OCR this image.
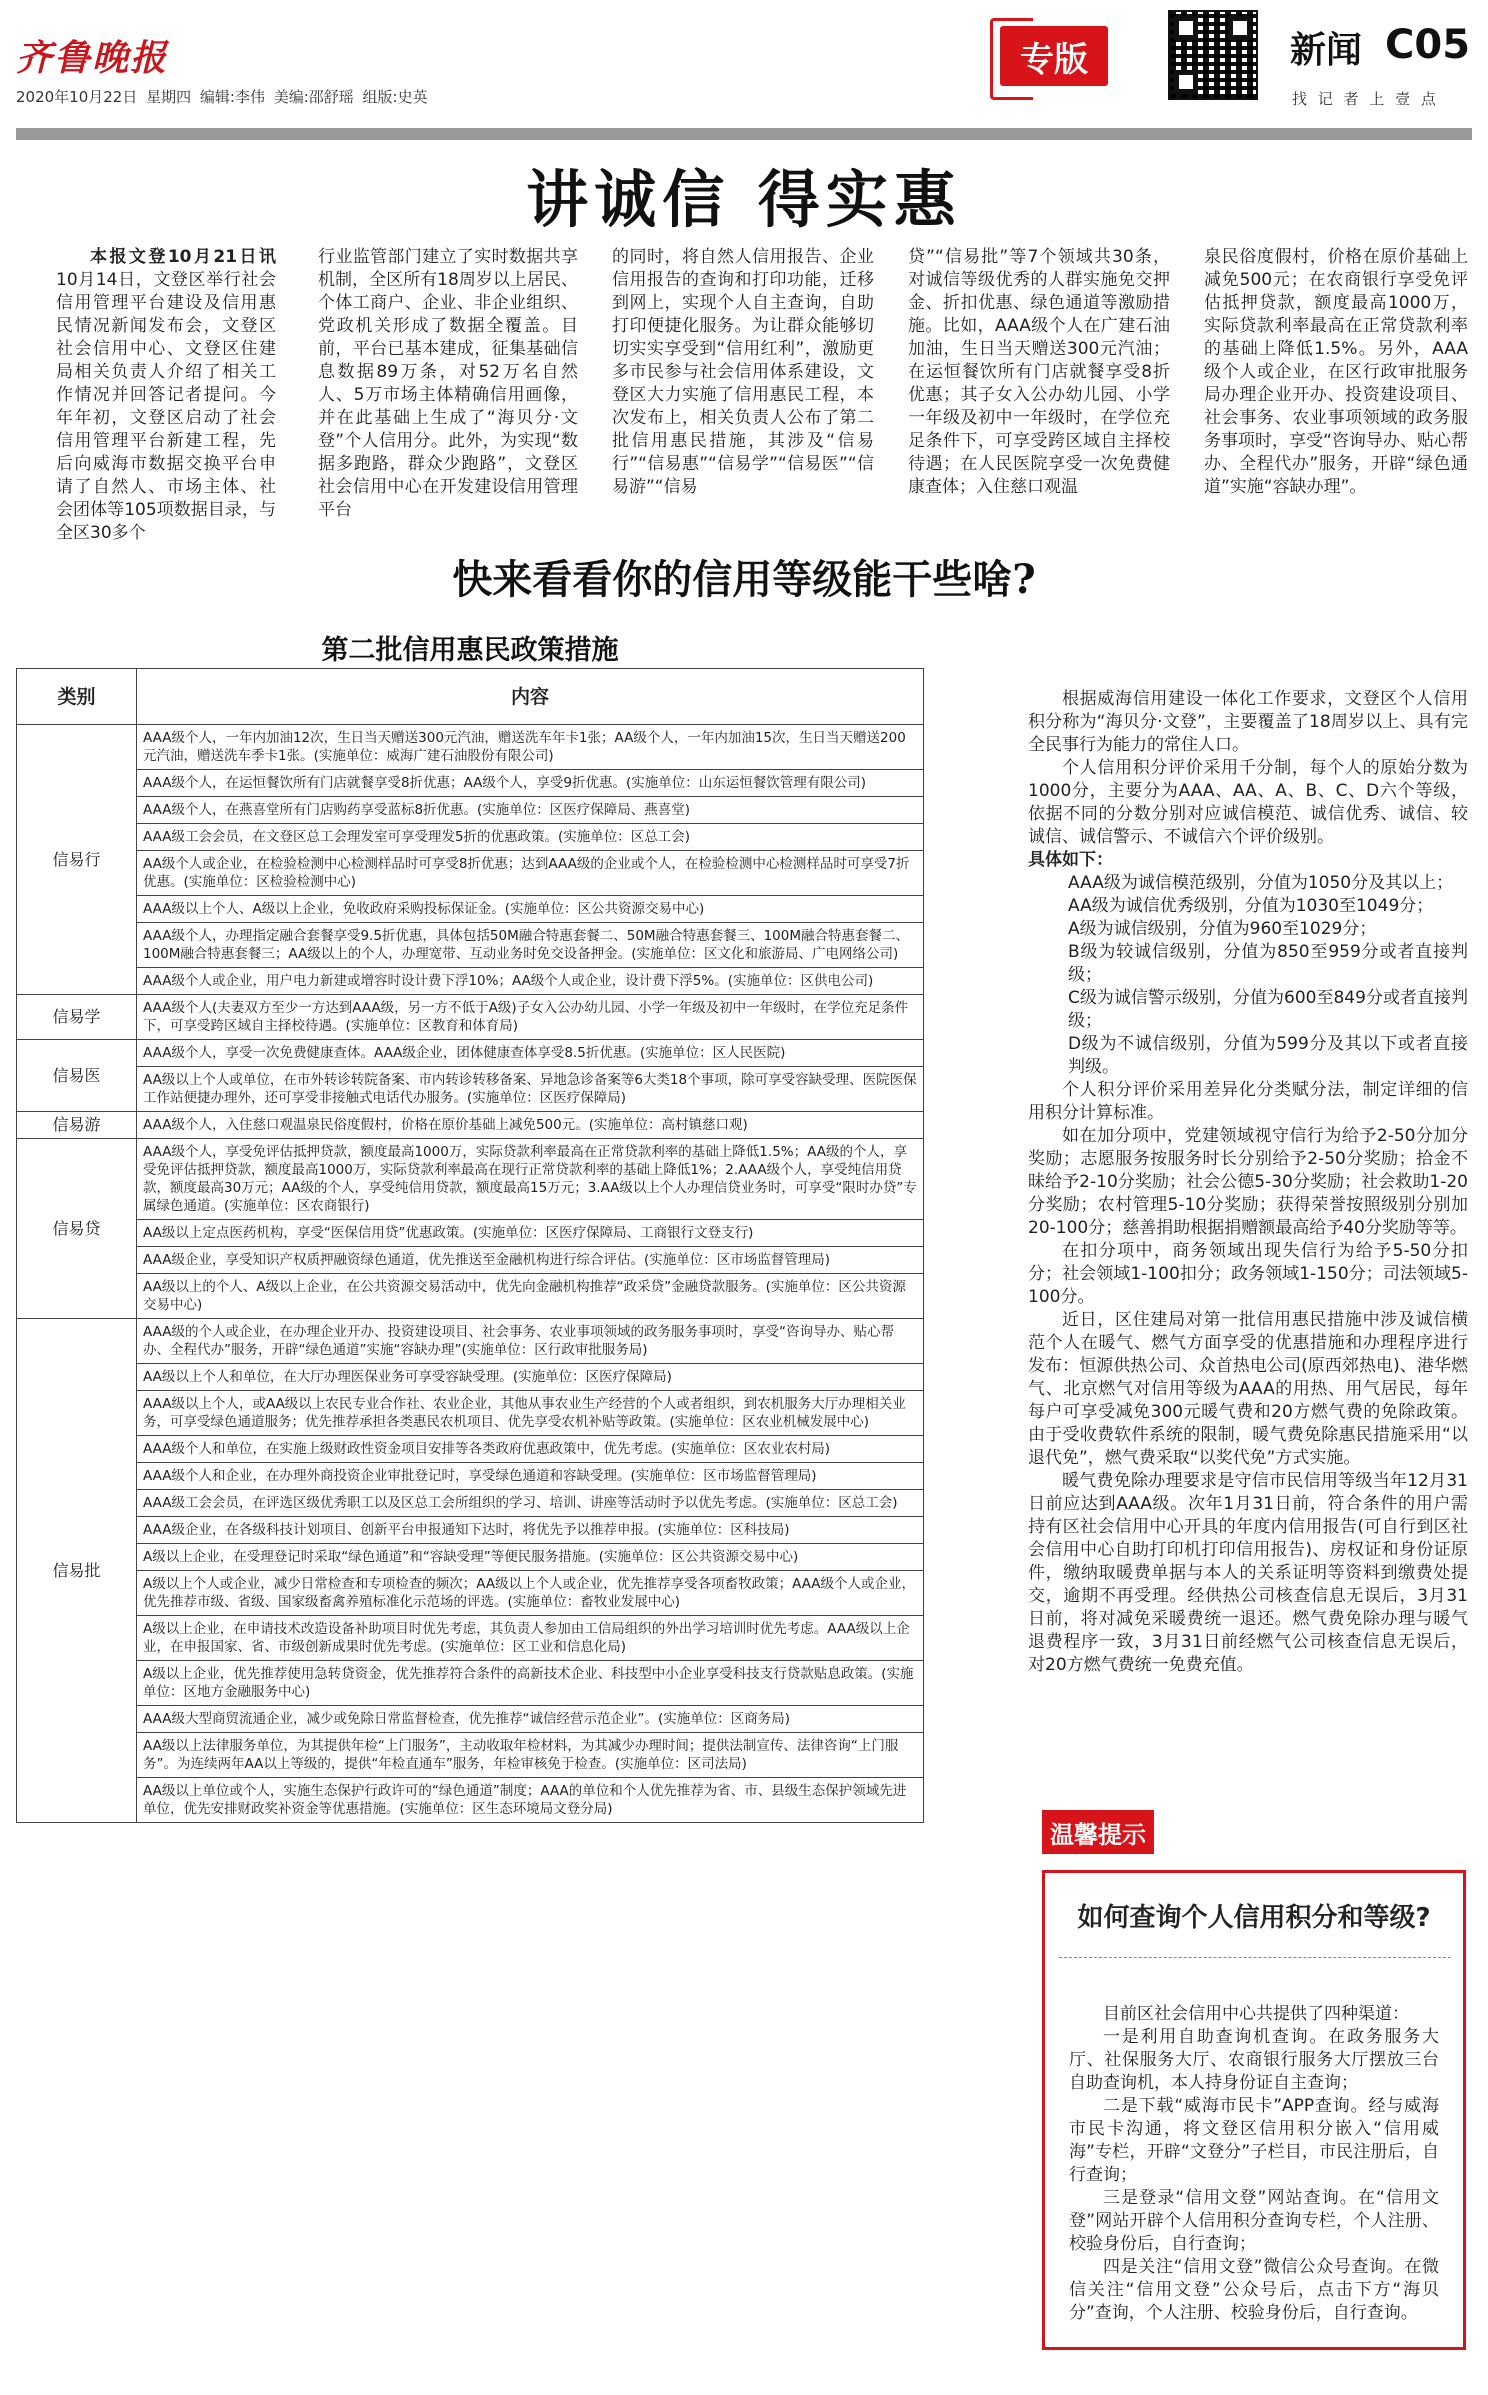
齐鲁晚报
2020年10月22日 星期四 编辑:李伟 美编:邵舒瑶 组版:史英
专版	新闻 C05
找 记 者 上 壹 点
讲诚信 得实惠

本报文登10月21日讯 10月14日，文登区举行社会信用管理平台建设及信用惠民情况新闻发布会，文登区社会信用中心、文登区住建局相关负责人介绍了相关工作情况并回答记者提问。今年年初，文登区启动了社会信用管理平台新建工程，先后向威海市数据交换平台申请了自然人、市场主体、社会团体等105项数据目录，与全区30多个

行业监管部门建立了实时数据共享机制，全区所有18周岁以上居民、个体工商户、企业、非企业组织、党政机关形成了数据全覆盖。目前，平台已基本建成，征集基础信息数据89万条，对52万名自然人、5万市场主体精确信用画像，并在此基础上生成了“海贝分·文登”个人信用分。此外，为实现“数据多跑路，群众少跑路”，文登区社会信用中心在开发建设信用管理平台

的同时，将自然人信用报告、企业信用报告的查询和打印功能，迁移到网上，实现个人自主查询，自助打印便捷化服务。为让群众能够切切实实享受到“信用红利”，激励更多市民参与社会信用体系建设，文登区大力实施了信用惠民工程，本次发布上，相关负责人公布了第二批信用惠民措施，其涉及“信易行”“信易惠”“信易学”“信易医”“信易游”“信易

贷”“信易批”等7个领域共30条，对诚信等级优秀的人群实施免交押金、折扣优惠、绿色通道等激励措施。比如，AAA级个人在广建石油加油，生日当天赠送300元汽油；在运恒餐饮所有门店就餐享受8折优惠；其子女入公办幼儿园、小学一年级及初中一年级时，在学位充足条件下，可享受跨区域自主择校待遇；在人民医院享受一次免费健康查体；入住慈口观温

泉民俗度假村，价格在原价基础上减免500元；在农商银行享受免评估抵押贷款，额度最高1000万，实际贷款利率最高在正常贷款利率的基础上降低1.5%。另外，AAA级个人或企业，在区行政审批服务局办理企业开办、投资建设项目、社会事务、农业事项领域的政务服务事项时，享受“咨询导办、贴心帮办、全程代办”服务，开辟“绿色通道”实施“容缺办理”。

快来看看你的信用等级能干些啥?
第二批信用惠民政策措施
类别	内容
信易行	AAA级个人，一年内加油12次，生日当天赠送300元汽油，赠送洗车年卡1张；AA级个人，一年内加油15次，生日当天赠送200元汽油，赠送洗车季卡1张。(实施单位：威海广建石油股份有限公司)
	AAA级个人，在运恒餐饮所有门店就餐享受8折优惠；AA级个人，享受9折优惠。(实施单位：山东运恒餐饮管理有限公司)
	AAA级个人，在燕喜堂所有门店购药享受蓝标8折优惠。(实施单位：区医疗保障局、燕喜堂)
	AAA级工会会员，在文登区总工会理发室可享受理发5折的优惠政策。(实施单位：区总工会)
	AA级个人或企业，在检验检测中心检测样品时可享受8折优惠；达到AAA级的企业或个人，在检验检测中心检测样品时可享受7折优惠。(实施单位：区检验检测中心)
	AAA级以上个人、A级以上企业，免收政府采购投标保证金。(实施单位：区公共资源交易中心)
	AAA级个人，办理指定融合套餐享受9.5折优惠，具体包括50M融合特惠套餐二、50M融合特惠套餐三、100M融合特惠套餐二、100M融合特惠套餐三；AA级以上的个人，办理宽带、互动业务时免交设备押金。(实施单位：区文化和旅游局、广电网络公司)
	AAA级个人或企业，用户电力新建或增容时设计费下浮10%；AA级个人或企业，设计费下浮5%。(实施单位：区供电公司)
信易学	AAA级个人(夫妻双方至少一方达到AAA级，另一方不低于A级)子女入公办幼儿园、小学一年级及初中一年级时，在学位充足条件下，可享受跨区域自主择校待遇。(实施单位：区教育和体育局)
信易医	AAA级个人，享受一次免费健康查体。AAA级企业，团体健康查体享受8.5折优惠。(实施单位：区人民医院)
	AA级以上个人或单位，在市外转诊转院备案、市内转诊转移备案、异地急诊备案等6大类18个事项，除可享受容缺受理、医院医保工作站便捷办理外，还可享受非接触式电话代办服务。(实施单位：区医疗保障局)
信易游	AAA级个人，入住慈口观温泉民俗度假村，价格在原价基础上减免500元。(实施单位：高村镇慈口观)
信易贷	AAA级个人，享受免评估抵押贷款，额度最高1000万，实际贷款利率最高在正常贷款利率的基础上降低1.5%；AA级的个人，享受免评估抵押贷款，额度最高1000万，实际贷款利率最高在现行正常贷款利率的基础上降低1%；2.AAA级个人，享受纯信用贷款，额度最高30万元；AA级的个人，享受纯信用贷款，额度最高15万元；3.AA级以上个人办理信贷业务时，可享受“限时办贷”专属绿色通道。(实施单位：区农商银行)
	AA级以上定点医药机构，享受“医保信用贷”优惠政策。(实施单位：区医疗保障局、工商银行文登支行)
	AAA级企业，享受知识产权质押融资绿色通道，优先推送至金融机构进行综合评估。(实施单位：区市场监督管理局)
	AA级以上的个人、A级以上企业，在公共资源交易活动中，优先向金融机构推荐“政采贷”金融贷款服务。(实施单位：区公共资源交易中心)
信易批	AAA级的个人或企业，在办理企业开办、投资建设项目、社会事务、农业事项领域的政务服务事项时，享受“咨询导办、贴心帮办、全程代办”服务，开辟“绿色通道”实施“容缺办理”(实施单位：区行政审批服务局)
	AA级以上个人和单位，在大厅办理医保业务可享受容缺受理。(实施单位：区医疗保障局)
	AAA级以上个人，或AA级以上农民专业合作社、农业企业，其他从事农业生产经营的个人或者组织，到农机服务大厅办理相关业务，可享受绿色通道服务；优先推荐承担各类惠民农机项目、优先享受农机补贴等政策。(实施单位：区农业机械发展中心)
	AAA级个人和单位，在实施上级财政性资金项目安排等各类政府优惠政策中，优先考虑。(实施单位：区农业农村局)
	AAA级个人和企业，在办理外商投资企业审批登记时，享受绿色通道和容缺受理。(实施单位：区市场监督管理局)
	AAA级工会会员，在评选区级优秀职工以及区总工会所组织的学习、培训、讲座等活动时予以优先考虑。(实施单位：区总工会)
	AAA级企业，在各级科技计划项目、创新平台申报通知下达时，将优先予以推荐申报。(实施单位：区科技局)
	A级以上企业，在受理登记时采取“绿色通道”和“容缺受理”等便民服务措施。(实施单位：区公共资源交易中心)
	A级以上个人或企业，减少日常检查和专项检查的频次；AA级以上个人或企业，优先推荐享受各项畜牧政策；AAA级个人或企业，优先推荐市级、省级、国家级畜禽养殖标准化示范场的评选。(实施单位：畜牧业发展中心)
	A级以上企业，在申请技术改造设备补助项目时优先考虑，其负责人参加由工信局组织的外出学习培训时优先考虑。AAA级以上企业，在申报国家、省、市级创新成果时优先考虑。(实施单位：区工业和信息化局)
	A级以上企业，优先推荐使用急转贷资金，优先推荐符合条件的高新技术企业、科技型中小企业享受科技支行贷款贴息政策。(实施单位：区地方金融服务中心)
	AAA级大型商贸流通企业，减少或免除日常监督检查，优先推荐“诚信经营示范企业”。(实施单位：区商务局)
	AA级以上法律服务单位，为其提供年检“上门服务”，主动收取年检材料，为其减少办理时间；提供法制宣传、法律咨询“上门服务”。为连续两年AA以上等级的，提供“年检直通车”服务，年检审核免于检查。(实施单位：区司法局)
	AA级以上单位或个人，实施生态保护行政许可的“绿色通道”制度；AAA的单位和个人优先推荐为省、市、县级生态保护领域先进单位，优先安排财政奖补资金等优惠措施。(实施单位：区生态环境局文登分局)

根据威海信用建设一体化工作要求，文登区个人信用积分称为“海贝分·文登”，主要覆盖了18周岁以上、具有完全民事行为能力的常住人口。

个人信用积分评价采用千分制，每个人的原始分数为1000分，主要分为AAA、AA、A、B、C、D六个等级，依据不同的分数分别对应诚信模范、诚信优秀、诚信、较诚信、诚信警示、不诚信六个评价级别。

具体如下：

AAA级为诚信模范级别，分值为1050分及其以上；

AA级为诚信优秀级别，分值为1030至1049分；

A级为诚信级别，分值为960至1029分；

B级为较诚信级别，分值为850至959分或者直接判级；

C级为诚信警示级别，分值为600至849分或者直接判级；

D级为不诚信级别，分值为599分及其以下或者直接判级。

个人积分评价采用差异化分类赋分法，制定详细的信用积分计算标准。

如在加分项中，党建领域视守信行为给予2-50分加分奖励；志愿服务按服务时长分别给予2-50分奖励；拾金不昧给予2-10分奖励；社会公德5-30分奖励；社会救助1-20分奖励；农村管理5-10分奖励；获得荣誉按照级别分别加20-100分；慈善捐助根据捐赠额最高给予40分奖励等等。

在扣分项中，商务领域出现失信行为给予5-50分扣分；社会领域1-100扣分；政务领域1-150分；司法领域5-100分。

近日，区住建局对第一批信用惠民措施中涉及诚信横范个人在暖气、燃气方面享受的优惠措施和办理程序进行发布：恒源供热公司、众首热电公司(原西郊热电)、港华燃气、北京燃气对信用等级为AAA的用热、用气居民，每年每户可享受减免300元暖气费和20方燃气费的免除政策。由于受收费软件系统的限制，暖气费免除惠民措施采用“以退代免”，燃气费采取“以奖代免”方式实施。

暖气费免除办理要求是守信市民信用等级当年12月31日前应达到AAA级。次年1月31日前，符合条件的用户需持有区社会信用中心开具的年度内信用报告(可自行到区社会信用中心自助打印机打印信用报告)、房权证和身份证原件，缴纳取暖费单据与本人的关系证明等资料到缴费处提交，逾期不再受理。经供热公司核查信息无误后，3月31日前，将对减免采暖费统一退还。燃气费免除办理与暖气退费程序一致，3月31日前经燃气公司核查信息无误后，对20方燃气费统一免费充值。

温馨提示
如何查询个人信用积分和等级?

目前区社会信用中心共提供了四种渠道：

一是利用自助查询机查询。在政务服务大厅、社保服务大厅、农商银行服务大厅摆放三台自助查询机，本人持身份证自主查询；

二是下载“威海市民卡”APP查询。经与威海市民卡沟通，将文登区信用积分嵌入“信用威海”专栏，开辟“文登分”子栏目，市民注册后，自行查询；

三是登录“信用文登”网站查询。在“信用文登”网站开辟个人信用积分查询专栏，个人注册、校验身份后，自行查询；

四是关注“信用文登”微信公众号查询。在微信关注“信用文登”公众号后，点击下方“海贝分”查询，个人注册、校验身份后，自行查询。
